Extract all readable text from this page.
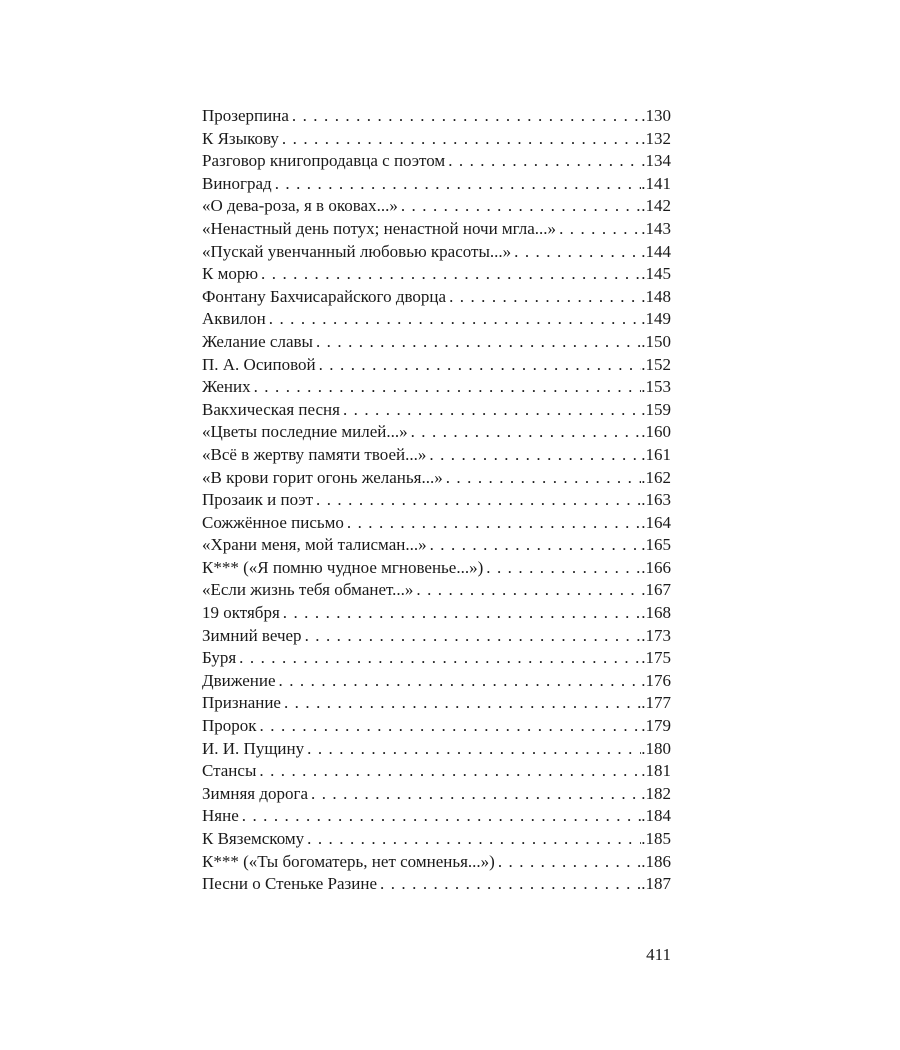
Прозерпина . . .	.130
К Языкову . . .	.132
Разговор книгопродавца с поэтом . . .	.134
Виноград . . .	.141
«О дева-роза, я в оковах...» . . .	.142
«Ненастный день потух; ненастной ночи мгла...» . . .	.143
«Пускай увенчанный любовью красоты...» . . .	.144
К морю . . .	.145
Фонтану Бахчисарайского дворца . . .	.148
Аквилон . . .	.149
Желание славы . . .	.150
П. А. Осиповой . . .	.152
Жених . . .	.153
Вакхическая песня . . .	.159
«Цветы последние милей...» . . .	.160
«Всё в жертву памяти твоей...» . . .	.161
«В крови горит огонь желанья...» . . .	.162
Прозаик и поэт . . .	.163
Сожжённое письмо . . .	.164
«Храни меня, мой талисман...» . . .	.165
К*** («Я помню чудное мгновенье...») . . .	.166
«Если жизнь тебя обманет...» . . .	.167
19 октября . . .	.168
Зимний вечер . . .	.173
Буря . . .	.175
Движение . . .	.176
Признание . . .	.177
Пророк . . .	.179
И. И. Пущину . . .	.180
Стансы . . .	.181
Зимняя дорога . . .	.182
Няне . . .	.184
К Вяземскому . . .	.185
К*** («Ты богоматерь, нет сомненья...») . . .	.186
Песни о Стеньке Разине . . .	.187
411
